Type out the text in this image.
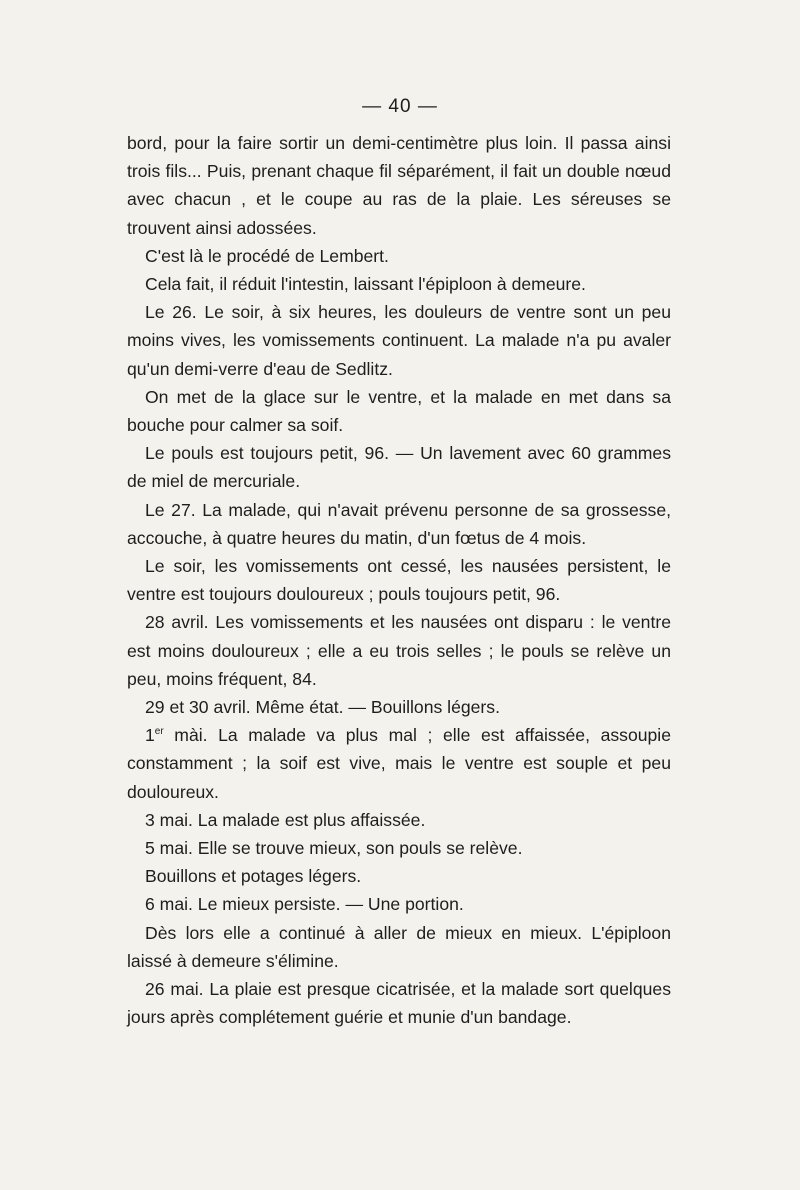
— 40 —

bord, pour la faire sortir un demi-centimètre plus loin. Il passa ainsi trois fils... Puis, prenant chaque fil séparément, il fait un double nœud avec chacun , et le coupe au ras de la plaie. Les séreuses se trouvent ainsi adossées.

C'est là le procédé de Lembert.

Cela fait, il réduit l'intestin, laissant l'épiploon à demeure.

Le 26. Le soir, à six heures, les douleurs de ventre sont un peu moins vives, les vomissements continuent. La malade n'a pu avaler qu'un demi-verre d'eau de Sedlitz.

On met de la glace sur le ventre, et la malade en met dans sa bouche pour calmer sa soif.

Le pouls est toujours petit, 96. — Un lavement avec 60 grammes de miel de mercuriale.

Le 27. La malade, qui n'avait prévenu personne de sa grossesse, accouche, à quatre heures du matin, d'un fœtus de 4 mois.

Le soir, les vomissements ont cessé, les nausées persistent, le ventre est toujours douloureux ; pouls toujours petit, 96.

28 avril. Les vomissements et les nausées ont disparu : le ventre est moins douloureux ; elle a eu trois selles ; le pouls se relève un peu, moins fréquent, 84.

29 et 30 avril. Même état. — Bouillons légers.

1er mài. La malade va plus mal ; elle est affaissée, assoupie constamment ; la soif est vive, mais le ventre est souple et peu douloureux.

3 mai. La malade est plus affaissée.

5 mai. Elle se trouve mieux, son pouls se relève.

Bouillons et potages légers.

6 mai. Le mieux persiste. — Une portion.

Dès lors elle a continué à aller de mieux en mieux. L'épiploon laissé à demeure s'élimine.

26 mai. La plaie est presque cicatrisée, et la malade sort quelques jours après complétement guérie et munie d'un bandage.
